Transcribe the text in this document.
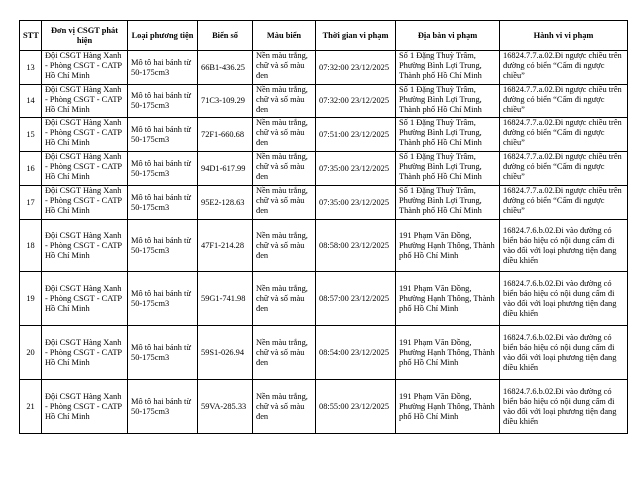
STT	Đơn vị CSGT phát hiện	Loại phương tiện	Biển số	Màu biển	Thời gian vi phạm	Địa bàn vi phạm	Hành vi vi phạm
13	Đội CSGT Hàng Xanh - Phòng CSGT - CATP Hồ Chí Minh	Mô tô hai bánh từ 50-175cm3	66B1-436.25	Nền màu trắng, chữ và số màu đen	07:32:00 23/12/2025	Số 1 Đặng Thuỳ Trâm, Phường Bình Lợi Trung, Thành phố Hồ Chí Minh	16824.7.7.a.02.Đi ngược chiều trên đường có biển “Cấm đi ngược chiều”
14	Đội CSGT Hàng Xanh - Phòng CSGT - CATP Hồ Chí Minh	Mô tô hai bánh từ 50-175cm3	71C3-109.29	Nền màu trắng, chữ và số màu đen	07:32:00 23/12/2025	Số 1 Đặng Thuỳ Trâm, Phường Bình Lợi Trung, Thành phố Hồ Chí Minh	16824.7.7.a.02.Đi ngược chiều trên đường có biển “Cấm đi ngược chiều”
15	Đội CSGT Hàng Xanh - Phòng CSGT - CATP Hồ Chí Minh	Mô tô hai bánh từ 50-175cm3	72F1-660.68	Nền màu trắng, chữ và số màu đen	07:51:00 23/12/2025	Số 1 Đặng Thuỳ Trâm, Phường Bình Lợi Trung, Thành phố Hồ Chí Minh	16824.7.7.a.02.Đi ngược chiều trên đường có biển “Cấm đi ngược chiều”
16	Đội CSGT Hàng Xanh - Phòng CSGT - CATP Hồ Chí Minh	Mô tô hai bánh từ 50-175cm3	94D1-617.99	Nền màu trắng, chữ và số màu đen	07:35:00 23/12/2025	Số 1 Đặng Thuỳ Trâm, Phường Bình Lợi Trung, Thành phố Hồ Chí Minh	16824.7.7.a.02.Đi ngược chiều trên đường có biển “Cấm đi ngược chiều”
17	Đội CSGT Hàng Xanh - Phòng CSGT - CATP Hồ Chí Minh	Mô tô hai bánh từ 50-175cm3	95E2-128.63	Nền màu trắng, chữ và số màu đen	07:35:00 23/12/2025	Số 1 Đặng Thuỳ Trâm, Phường Bình Lợi Trung, Thành phố Hồ Chí Minh	16824.7.7.a.02.Đi ngược chiều trên đường có biển “Cấm đi ngược chiều”
18	Đội CSGT Hàng Xanh - Phòng CSGT - CATP Hồ Chí Minh	Mô tô hai bánh từ 50-175cm3	47F1-214.28	Nền màu trắng, chữ và số màu đen	08:58:00 23/12/2025	191 Phạm Văn Đồng, Phường Hạnh Thông, Thành phố Hồ Chí Minh	16824.7.6.b.02.Đi vào đường có biển báo hiệu có nội dung cấm đi vào đối với loại phương tiện đang điều khiển
19	Đội CSGT Hàng Xanh - Phòng CSGT - CATP Hồ Chí Minh	Mô tô hai bánh từ 50-175cm3	59G1-741.98	Nền màu trắng, chữ và số màu đen	08:57:00 23/12/2025	191 Phạm Văn Đồng, Phường Hạnh Thông, Thành phố Hồ Chí Minh	16824.7.6.b.02.Đi vào đường có biển báo hiệu có nội dung cấm đi vào đối với loại phương tiện đang điều khiển
20	Đội CSGT Hàng Xanh - Phòng CSGT - CATP Hồ Chí Minh	Mô tô hai bánh từ 50-175cm3	59S1-026.94	Nền màu trắng, chữ và số màu đen	08:54:00 23/12/2025	191 Phạm Văn Đồng, Phường Hạnh Thông, Thành phố Hồ Chí Minh	16824.7.6.b.02.Đi vào đường có biển báo hiệu có nội dung cấm đi vào đối với loại phương tiện đang điều khiển
21	Đội CSGT Hàng Xanh - Phòng CSGT - CATP Hồ Chí Minh	Mô tô hai bánh từ 50-175cm3	59VA-285.33	Nền màu trắng, chữ và số màu đen	08:55:00 23/12/2025	191 Phạm Văn Đồng, Phường Hạnh Thông, Thành phố Hồ Chí Minh	16824.7.6.b.02.Đi vào đường có biển báo hiệu có nội dung cấm đi vào đối với loại phương tiện đang điều khiển
